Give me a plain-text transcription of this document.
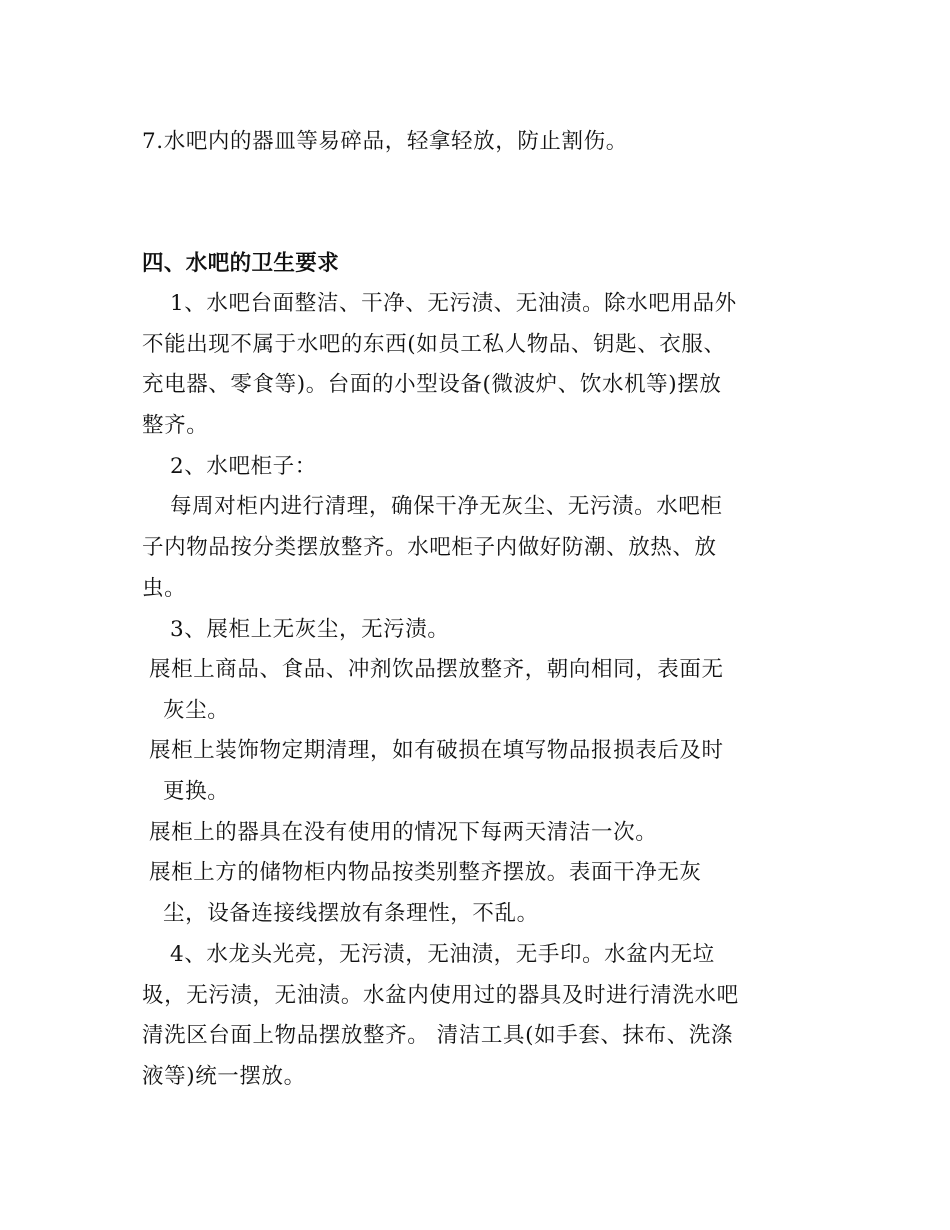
7.水吧内的器皿等易碎品，轻拿轻放，防止割伤。
四、水吧的卫生要求
1、水吧台面整洁、干净、无污渍、无油渍。除水吧用品外
不能出现不属于水吧的东西(如员工私人物品、钥匙、衣服、
充电器、零食等)。台面的小型设备(微波炉、饮水机等)摆放
整齐。
2、水吧柜子：
每周对柜内进行清理，确保干净无灰尘、无污渍。水吧柜
子内物品按分类摆放整齐。水吧柜子内做好防潮、放热、放
虫。
3、展柜上无灰尘，无污渍。
展柜上商品、食品、冲剂饮品摆放整齐，朝向相同，表面无
灰尘。
展柜上装饰物定期清理，如有破损在填写物品报损表后及时
更换。
展柜上的器具在没有使用的情况下每两天清洁一次。
展柜上方的储物柜内物品按类别整齐摆放。表面干净无灰
尘，设备连接线摆放有条理性，不乱。
4、水龙头光亮，无污渍，无油渍，无手印。水盆内无垃
圾，无污渍，无油渍。水盆内使用过的器具及时进行清洗水吧
清洗区台面上物品摆放整齐。 清洁工具(如手套、抹布、洗涤
液等)统一摆放。
